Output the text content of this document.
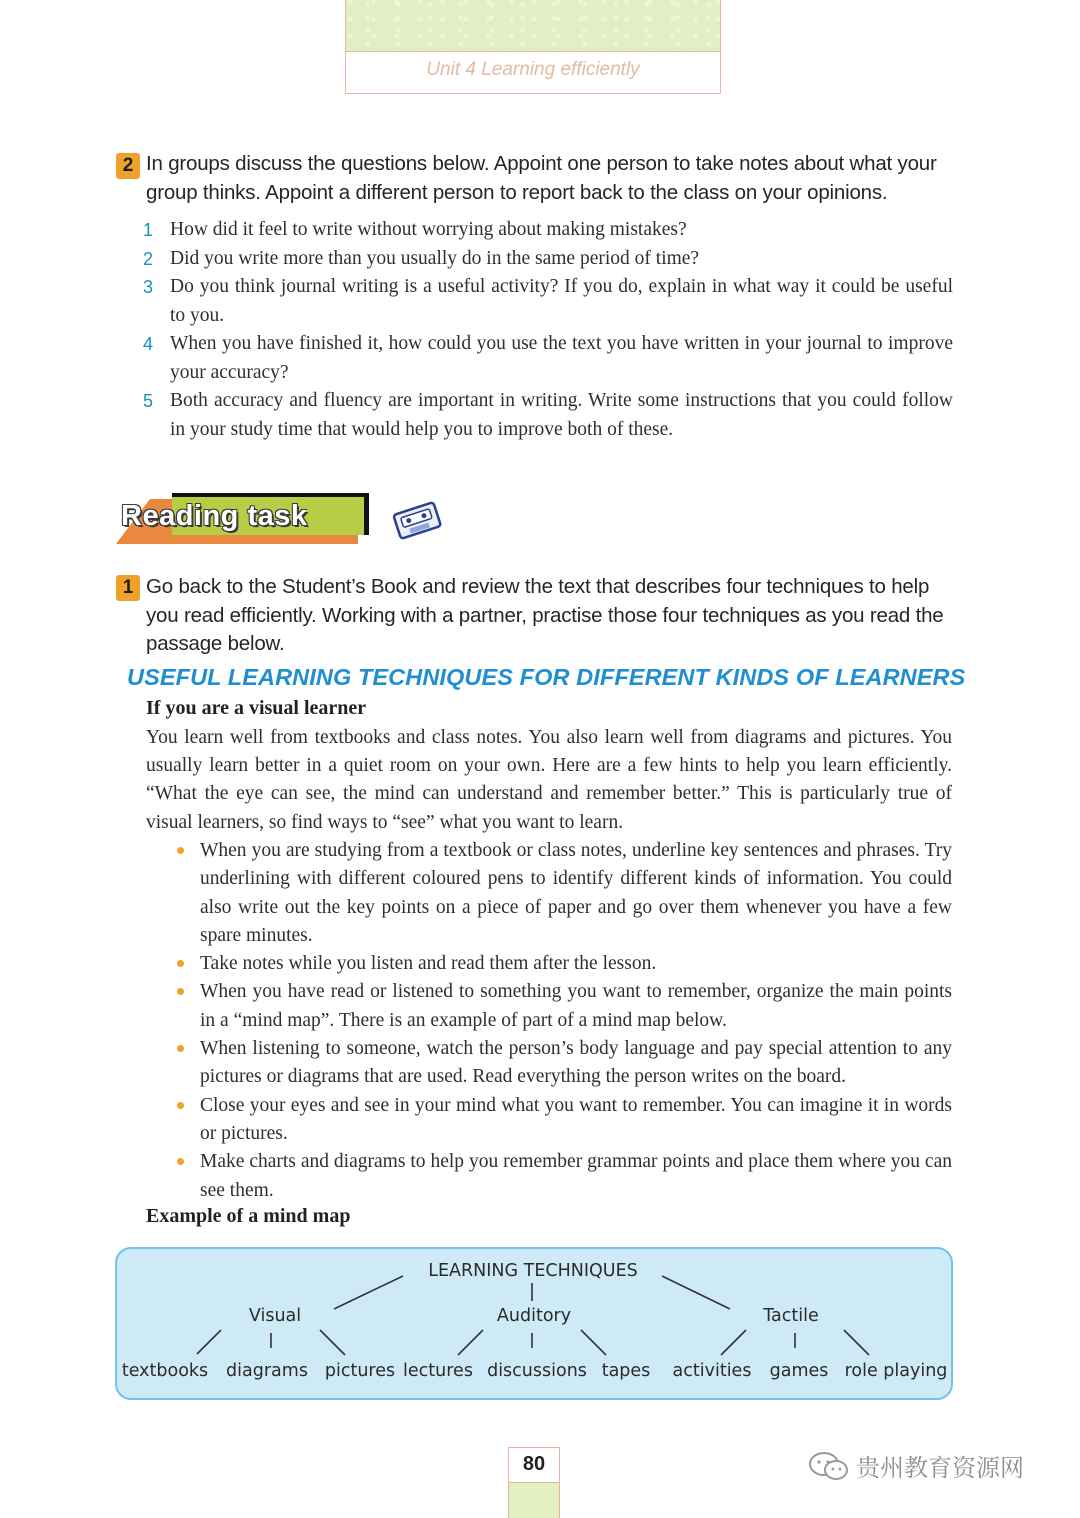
Unit 4 Learning efficiently
2 In groups discuss the questions below. Appoint one person to take notes about what your group thinks. Appoint a different person to report back to the class on your opinions.
1 How did it feel to write without worrying about making mistakes?
2 Did you write more than you usually do in the same period of time?
3 Do you think journal writing is a useful activity? If you do, explain in what way it could be useful to you.
4 When you have finished it, how could you use the text you have written in your journal to improve your accuracy?
5 Both accuracy and fluency are important in writing. Write some instructions that you could follow in your study time that would help you to improve both of these.
Reading task
1 Go back to the Student’s Book and review the text that describes four techniques to help you read efficiently. Working with a partner, practise those four techniques as you read the passage below.
USEFUL LEARNING TECHNIQUES FOR DIFFERENT KINDS OF LEARNERS
If you are a visual learner
You learn well from textbooks and class notes. You also learn well from diagrams and pictures. You usually learn better in a quiet room on your own. Here are a few hints to help you learn efficiently. “What the eye can see, the mind can understand and remember better.” This is particularly true of visual learners, so find ways to “see” what you want to learn.
When you are studying from a textbook or class notes, underline key sentences and phrases. Try underlining with different coloured pens to identify different kinds of information. You could also write out the key points on a piece of paper and go over them whenever you have a few spare minutes.
Take notes while you listen and read them after the lesson.
When you have read or listened to something you want to remember, organize the main points in a “mind map”. There is an example of part of a mind map below.
When listening to someone, watch the person’s body language and pay special attention to any pictures or diagrams that are used. Read everything the person writes on the board.
Close your eyes and see in your mind what you want to remember. You can imagine it in words or pictures.
Make charts and diagrams to help you remember grammar points and place them where you can see them.
Example of a mind map
LEARNING TECHNIQUES
Visual	Auditory	Tactile
textbooks diagrams pictures lectures discussions tapes activities games role playing
80	贵州教育资源网
